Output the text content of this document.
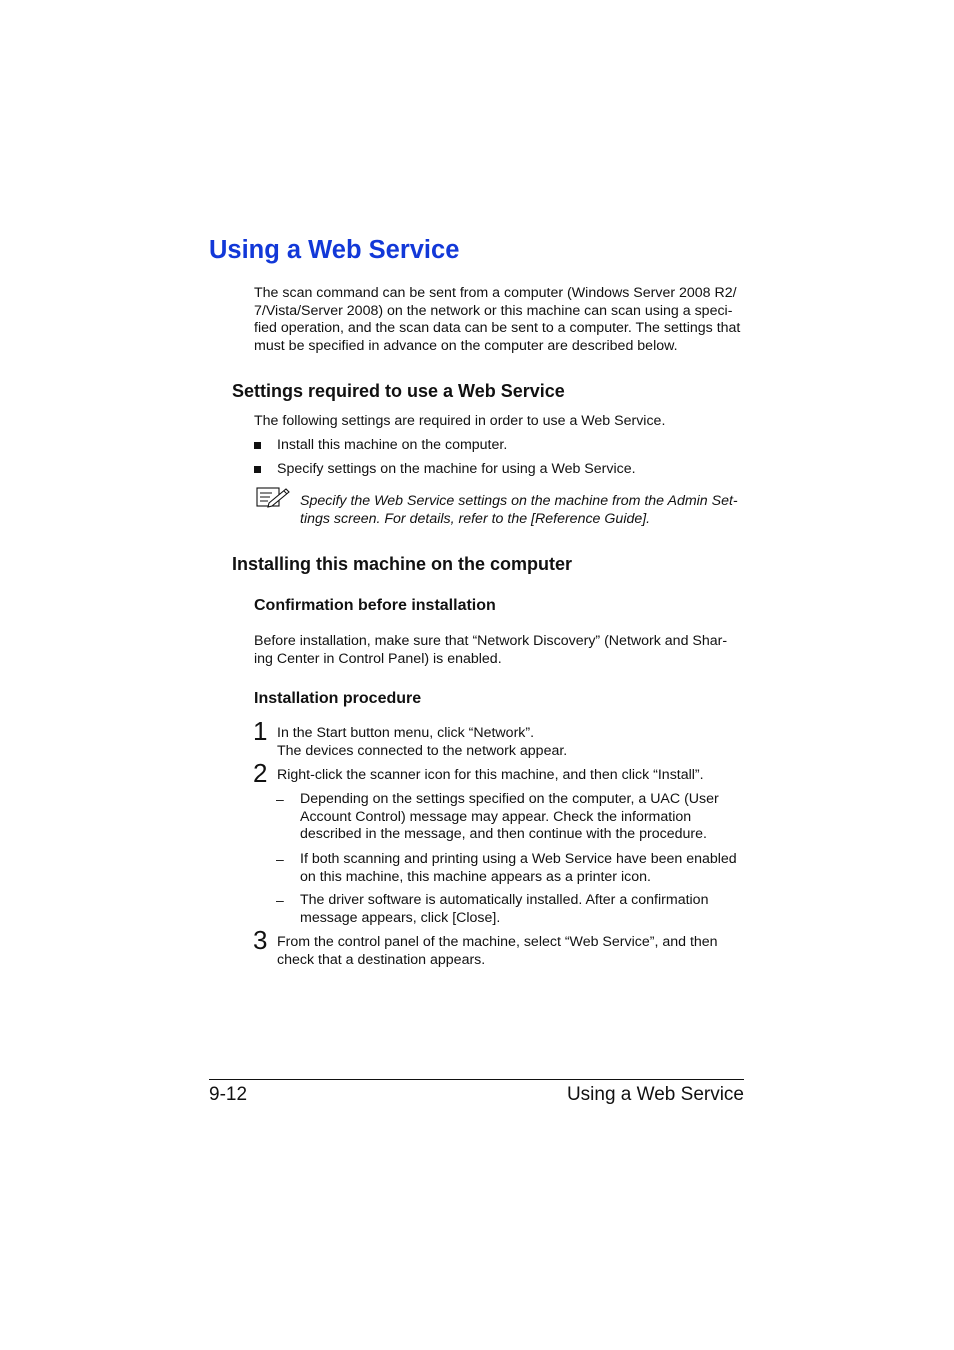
Using a Web Service
The scan command can be sent from a computer (Windows Server 2008 R2/
7/Vista/Server 2008) on the network or this machine can scan using a speci-
fied operation, and the scan data can be sent to a computer. The settings that
must be specified in advance on the computer are described below.
Settings required to use a Web Service
The following settings are required in order to use a Web Service.
Install this machine on the computer.
Specify settings on the machine for using a Web Service.
Specify the Web Service settings on the machine from the Admin Set-
tings screen. For details, refer to the [Reference Guide].
Installing this machine on the computer
Confirmation before installation
Before installation, make sure that “Network Discovery” (Network and Shar-
ing Center in Control Panel) is enabled.
Installation procedure
1 In the Start button menu, click “Network”.
The devices connected to the network appear.
2 Right-click the scanner icon for this machine, and then click “Install”.
– Depending on the settings specified on the computer, a UAC (User
Account Control) message may appear. Check the information
described in the message, and then continue with the procedure.
– If both scanning and printing using a Web Service have been enabled
on this machine, this machine appears as a printer icon.
– The driver software is automatically installed. After a confirmation
message appears, click [Close].
3 From the control panel of the machine, select “Web Service”, and then
check that a destination appears.
9-12	Using a Web Service
